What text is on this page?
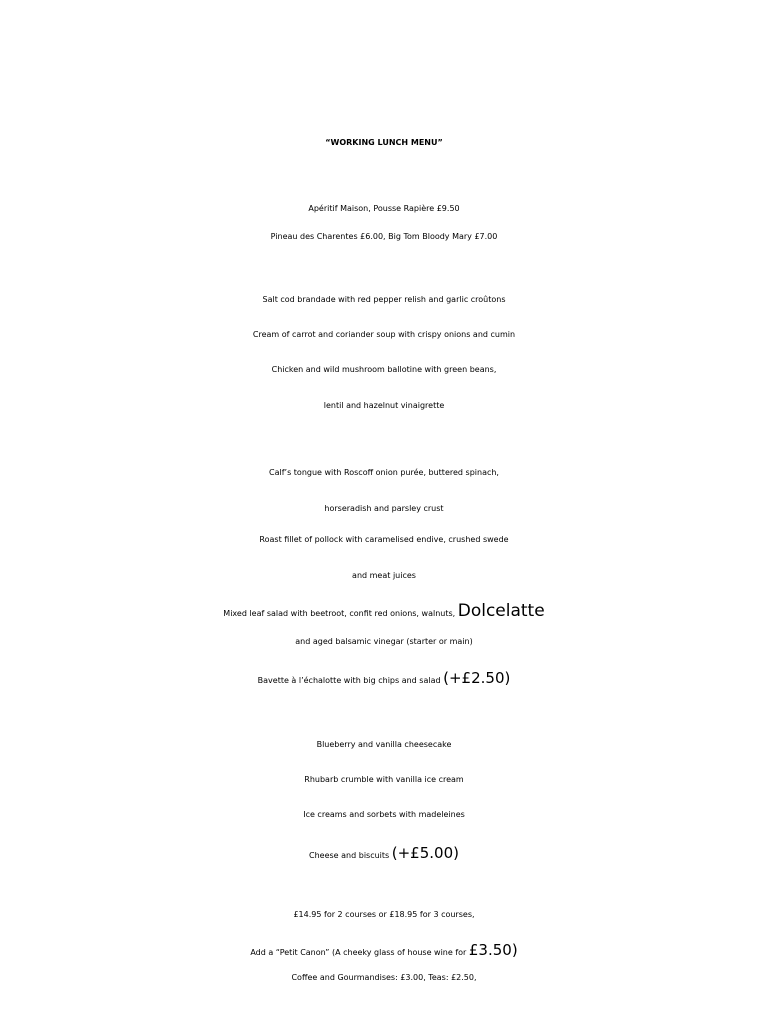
“WORKING LUNCH MENU”
Apéritif Maison, Pousse Rapière £9.50
Pineau des Charentes £6.00, Big Tom Bloody Mary £7.00
Salt cod brandade with red pepper relish and garlic croûtons
Cream of carrot and coriander soup with crispy onions and cumin
Chicken and wild mushroom ballotine with green beans,
lentil and hazelnut vinaigrette
Calf’s tongue with Roscoff onion purée, buttered spinach,
horseradish and parsley crust
Roast fillet of pollock with caramelised endive, crushed swede
and meat juices
Mixed leaf salad with beetroot, confit red onions, walnuts, Dolcelatte
and aged balsamic vinegar (starter or main)
Bavette à l’échalotte with big chips and salad (+£2.50)
Blueberry and vanilla cheesecake
Rhubarb crumble with vanilla ice cream
Ice creams and sorbets with madeleines
Cheese and biscuits (+£5.00)
£14.95 for 2 courses or £18.95 for 3 courses,
Add a “Petit Canon” (A cheeky glass of house wine for £3.50)
Coffee and Gourmandises: £3.00, Teas: £2.50,
